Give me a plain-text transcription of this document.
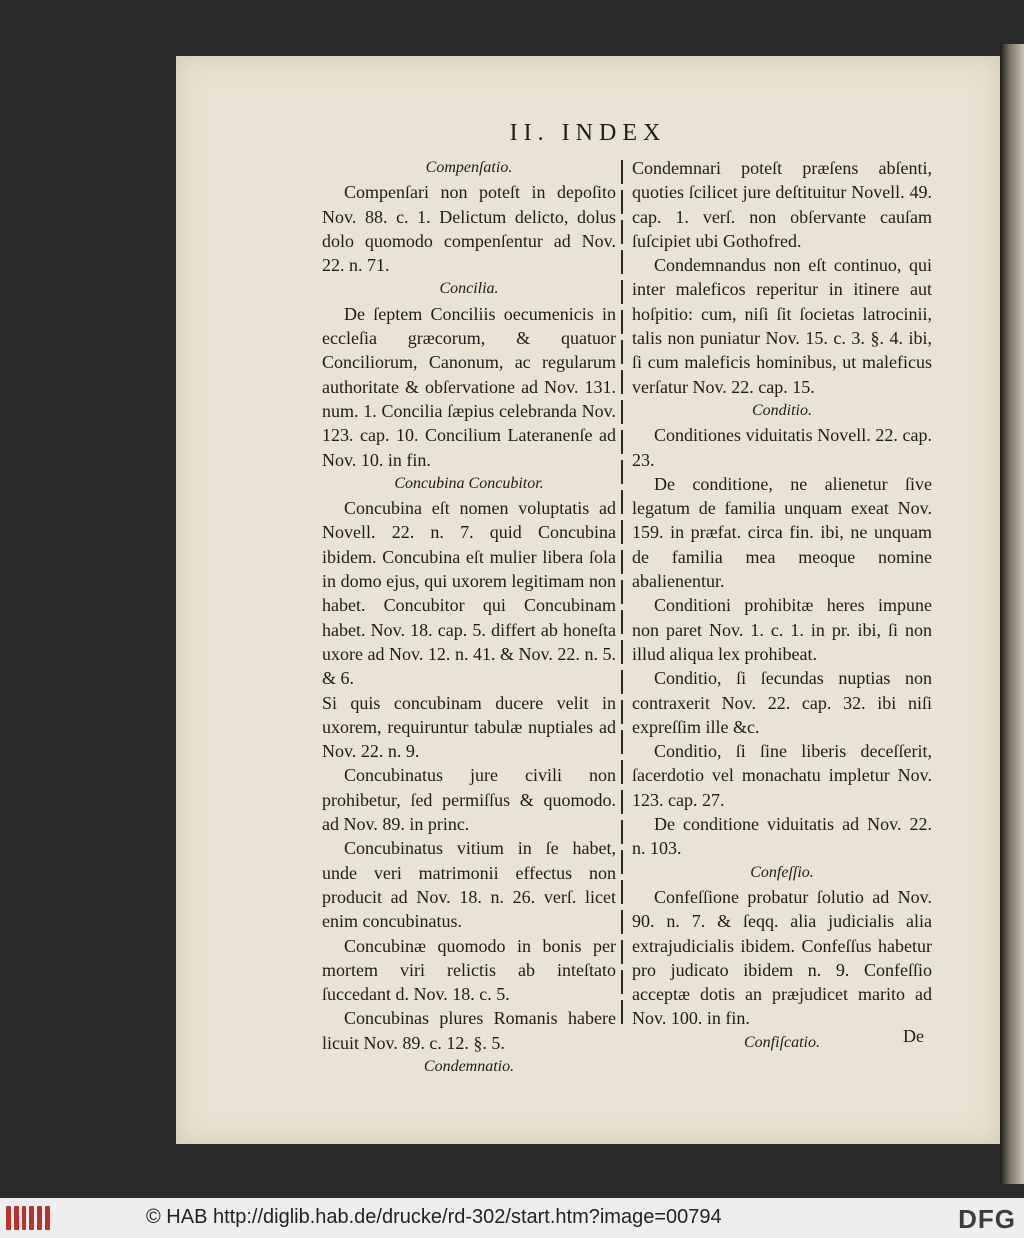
II. INDEX

Compenſatio.

Compenſari non poteſt in depoſito Nov. 88. c. 1. Delictum delicto, dolus dolo quomodo compenſentur ad Nov. 22. n. 71.

Concilia.

De ſeptem Conciliis oecumenicis in eccleſia græcorum, & quatuor Conciliorum, Canonum, ac regularum authoritate & obſervatione ad Nov. 131. num. 1. Concilia ſæpius celebranda Nov. 123. cap. 10. Concilium Lateranenſe ad Nov. 10. in fin.

Concubina Concubitor.

Concubina eſt nomen voluptatis ad Novell. 22. n. 7. quid Concubina ibidem. Concubina eſt mulier libera ſola in domo ejus, qui uxorem legitimam non habet. Concubitor qui Concubinam habet. Nov. 18. cap. 5. differt ab honeſta uxore ad Nov. 12. n. 41. & Nov. 22. n. 5. & 6.

Si quis concubinam ducere velit in uxorem, requiruntur tabulæ nuptiales ad Nov. 22. n. 9.

Concubinatus jure civili non prohibetur, ſed permiſſus & quomodo. ad Nov. 89. in princ.

Concubinatus vitium in ſe habet, unde veri matrimonii effectus non producit ad Nov. 18. n. 26. verſ. licet enim concubinatus.

Concubinæ quomodo in bonis per mortem viri relictis ab inteſtato ſuccedant d. Nov. 18. c. 5.

Concubinas plures Romanis habere licuit Nov. 89. c. 12. §. 5.

Condemnatio.

Condemnari poteſt præſens abſenti, quoties ſcilicet jure deſtituitur Novell. 49. cap. 1. verſ. non obſervante cauſam ſuſcipiet ubi Gothofred.

Condemnandus non eſt continuo, qui inter maleficos reperitur in itinere aut hoſpitio: cum, niſi ſit ſocietas latrocinii, talis non puniatur Nov. 15. c. 3. §. 4. ibi, ſi cum maleficis hominibus, ut maleficus verſatur Nov. 22. cap. 15.

Conditio.

Conditiones viduitatis Novell. 22. cap. 23.

De conditione, ne alienetur ſive legatum de familia unquam exeat Nov. 159. in præfat. circa fin. ibi, ne unquam de familia mea meoque nomine abalienentur.

Conditioni prohibitæ heres impune non paret Nov. 1. c. 1. in pr. ibi, ſi non illud aliqua lex prohibeat.

Conditio, ſi ſecundas nuptias non contraxerit Nov. 22. cap. 32. ibi niſi expreſſim ille &c.

Conditio, ſi ſine liberis deceſſerit, ſacerdotio vel monachatu impletur Nov. 123. cap. 27.

De conditione viduitatis ad Nov. 22. n. 103.

Confeſſio.

Confeſſione probatur ſolutio ad Nov. 90. n. 7. & ſeqq. alia judicialis alia extrajudicialis ibidem. Confeſſus habetur pro judicato ibidem n. 9. Confeſſio acceptæ dotis an præjudicet marito ad Nov. 100. in fin.

Confiſcatio.	De
© HAB http://diglib.hab.de/drucke/rd-302/start.htm?image=00794	DFG
